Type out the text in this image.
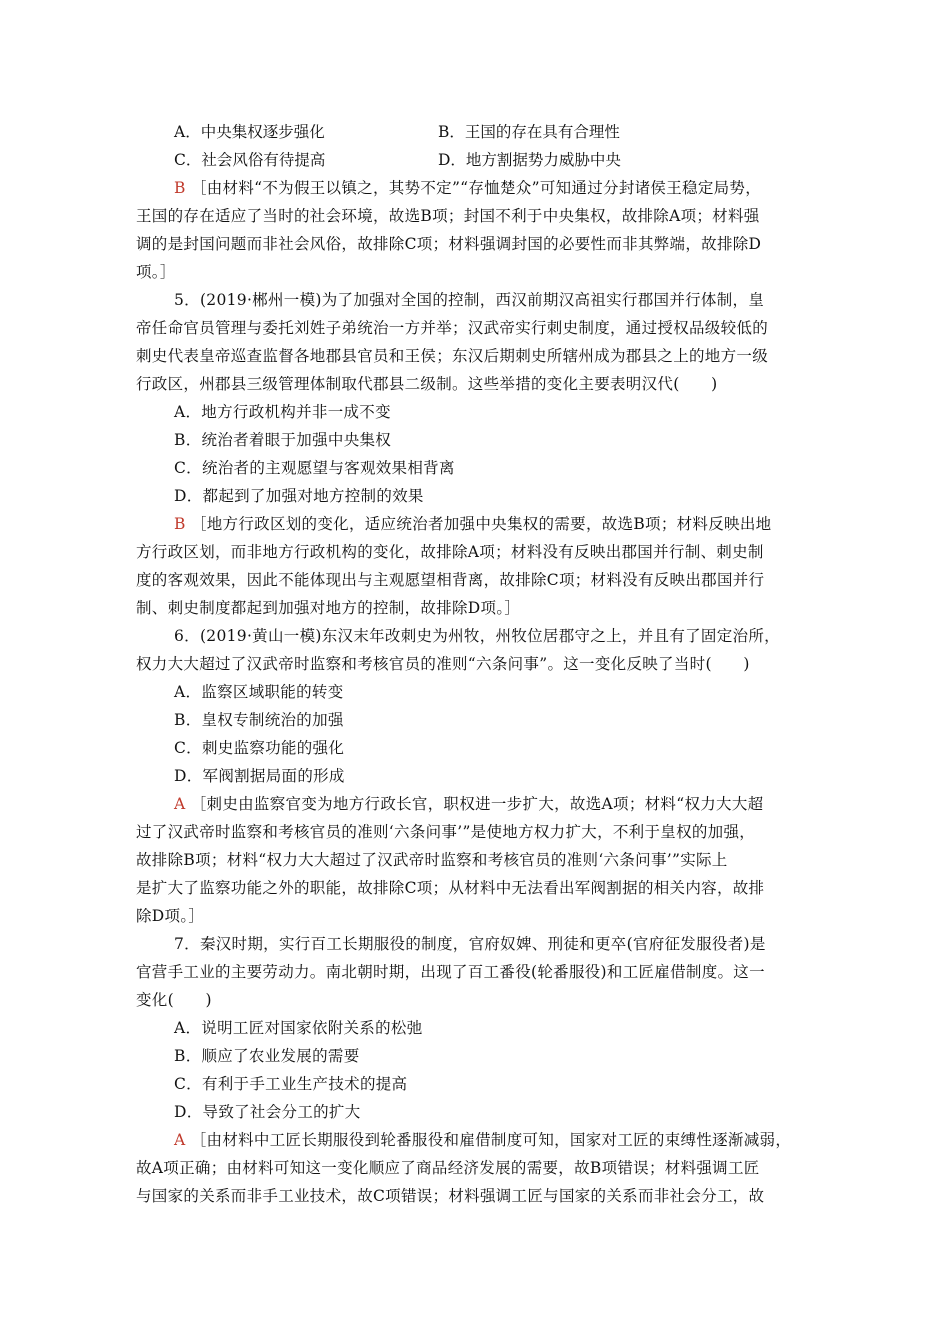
A．中央集权逐步强化	B．王国的存在具有合理性
C．社会风俗有待提高	D．地方割据势力威胁中央
B ［由材料“不为假王以镇之，其势不定”“存恤楚众”可知通过分封诸侯王稳定局势，
王国的存在适应了当时的社会环境，故选B项；封国不利于中央集权，故排除A项；材料强
调的是封国问题而非社会风俗，故排除C项；材料强调封国的必要性而非其弊端，故排除D
项。］
5．(2019·郴州一模)为了加强对全国的控制，西汉前期汉高祖实行郡国并行体制，皇
帝任命官员管理与委托刘姓子弟统治一方并举；汉武帝实行刺史制度，通过授权品级较低的
刺史代表皇帝巡查监督各地郡县官员和王侯；东汉后期刺史所辖州成为郡县之上的地方一级
行政区，州郡县三级管理体制取代郡县二级制。这些举措的变化主要表明汉代(　　)
A．地方行政机构并非一成不变
B．统治者着眼于加强中央集权
C．统治者的主观愿望与客观效果相背离
D．都起到了加强对地方控制的效果
B ［地方行政区划的变化，适应统治者加强中央集权的需要，故选B项；材料反映出地
方行政区划，而非地方行政机构的变化，故排除A项；材料没有反映出郡国并行制、刺史制
度的客观效果，因此不能体现出与主观愿望相背离，故排除C项；材料没有反映出郡国并行
制、刺史制度都起到加强对地方的控制，故排除D项。］
6．(2019·黄山一模)东汉末年改刺史为州牧，州牧位居郡守之上，并且有了固定治所，
权力大大超过了汉武帝时监察和考核官员的准则“六条问事”。这一变化反映了当时(　　)
A．监察区域职能的转变
B．皇权专制统治的加强
C．刺史监察功能的强化
D．军阀割据局面的形成
A ［刺史由监察官变为地方行政长官，职权进一步扩大，故选A项；材料“权力大大超
过了汉武帝时监察和考核官员的准则‘六条问事’”是使地方权力扩大，不利于皇权的加强，
故排除B项；材料“权力大大超过了汉武帝时监察和考核官员的准则‘六条问事’”实际上
是扩大了监察功能之外的职能，故排除C项；从材料中无法看出军阀割据的相关内容，故排
除D项。］
7．秦汉时期，实行百工长期服役的制度，官府奴婢、刑徒和更卒(官府征发服役者)是
官营手工业的主要劳动力。南北朝时期，出现了百工番役(轮番服役)和工匠雇借制度。这一
变化(　　)
A．说明工匠对国家依附关系的松弛
B．顺应了农业发展的需要
C．有利于手工业生产技术的提高
D．导致了社会分工的扩大
A ［由材料中工匠长期服役到轮番服役和雇借制度可知，国家对工匠的束缚性逐渐减弱，
故A项正确；由材料可知这一变化顺应了商品经济发展的需要，故B项错误；材料强调工匠
与国家的关系而非手工业技术，故C项错误；材料强调工匠与国家的关系而非社会分工，故
